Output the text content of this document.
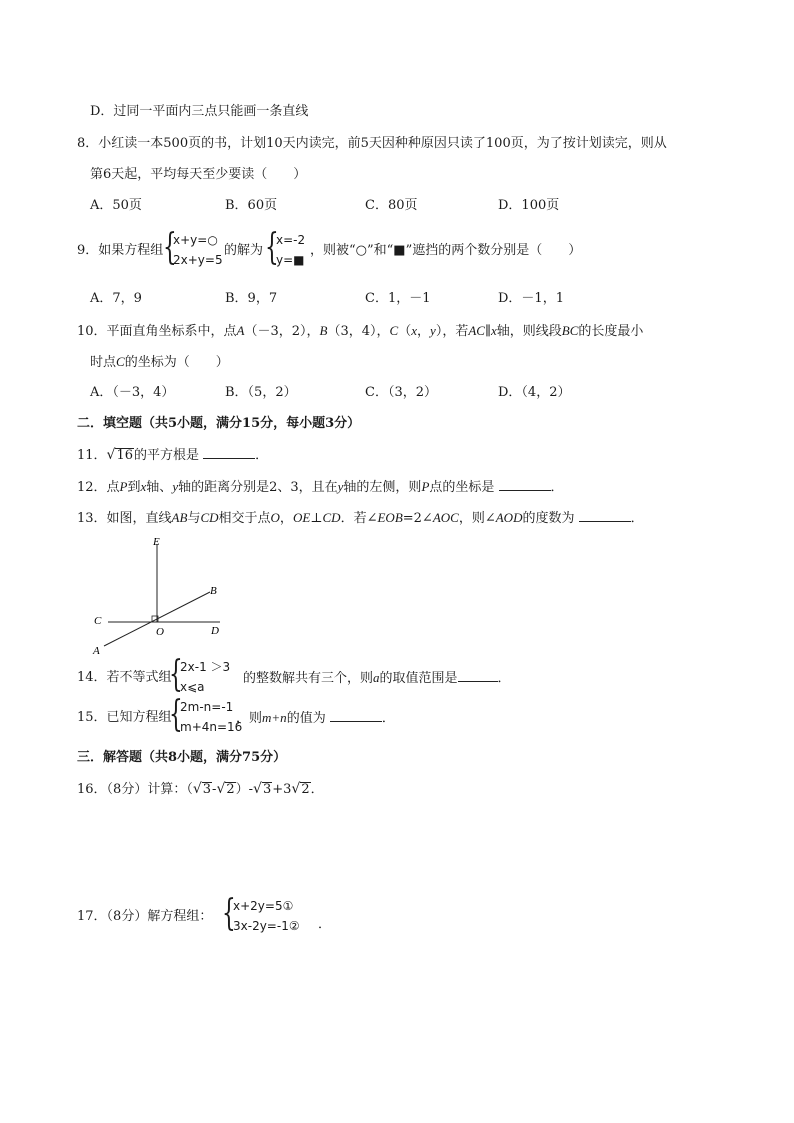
D．过同一平面内三点只能画一条直线
8．小红读一本500页的书，计划10天内读完，前5天因种种原因只读了100页，为了按计划读完，则从
第6天起，平均每天至少要读（　　）
A．50页	B．60页	C．80页	D．100页
9．如果方程组 {
x+y=○
2x+y=5
的解为 {
x=-2
y=■
，则被“○”和“■”遮挡的两个数分别是（　　）
A．7，9	B．9，7	C．1，－1	D．－1，1
10．平面直角坐标系中，点A（－3，2），B（3，4），C（x，y），若AC∥x轴，则线段BC的长度最小
时点C的坐标为（　　）
A．（－3，4）	B．（5，2）	C．（3，2）	D．（4，2）
二．填空题（共5小题，满分15分，每小题3分）
11．√16的平方根是	．
12．点P到x轴、y轴的距离分别是2、3，且在y轴的左侧，则P点的坐标是	．
13．如图，直线AB与CD相交于点O，OE⊥CD．若∠EOB=2∠AOC，则∠AOD的度数为	．
E
B
C
O	D
A
14．若不等式组
{
2x-1 ＞3
x⩽a
的整数解共有三个，则a的取值范围是	．
15．已知方程组
{
2m-n=-1
m+4n=16
，则m+n的值为	．
三．解答题（共8小题，满分75分）
16．（8分）计算：（√3-√2）-√3+3√2．
17．（8分）解方程组： {
x+2y=5①
3x-2y=-1② ．
